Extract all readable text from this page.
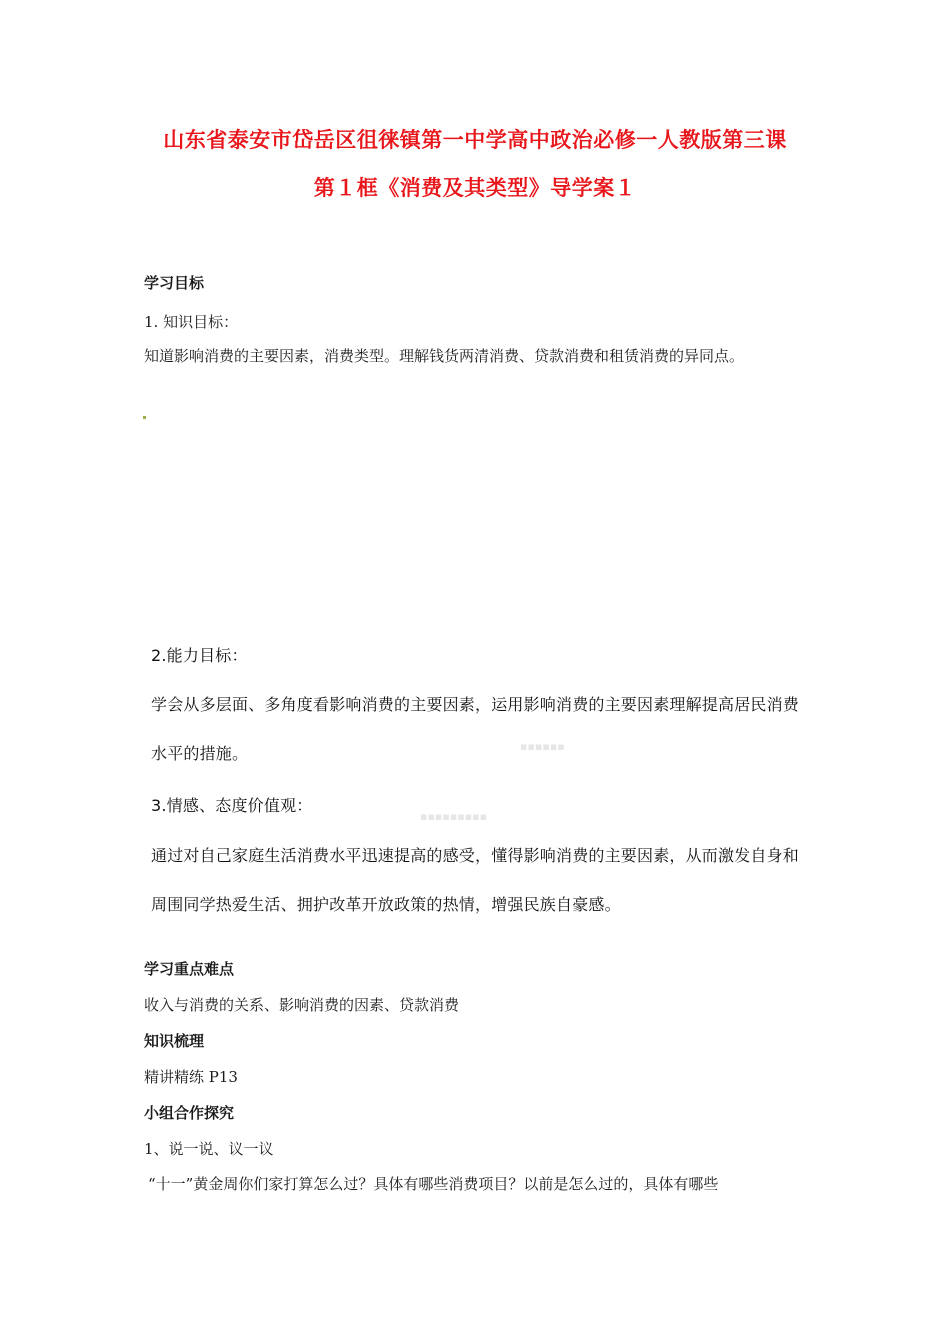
山东省泰安市岱岳区徂徕镇第一中学高中政治必修一人教版第三课
第１框《消费及其类型》导学案１
学习目标
1. 知识目标：
知道影响消费的主要因素，消费类型。理解钱货两清消费、贷款消费和租赁消费的异同点。
▪▪▪▪▪▪
▪▪▪▪▪▪▪▪▪
2.能力目标：
学会从多层面、多角度看影响消费的主要因素，运用影响消费的主要因素理解提高居民消费
水平的措施。
3.情感、态度价值观：
通过对自己家庭生活消费水平迅速提高的感受，懂得影响消费的主要因素，从而激发自身和
周围同学热爱生活、拥护改革开放政策的热情，增强民族自豪感。
学习重点难点
收入与消费的关系、影响消费的因素、贷款消费
知识梳理
精讲精练 P13
小组合作探究
1、说一说、议一议
“十一”黄金周你们家打算怎么过？具体有哪些消费项目？以前是怎么过的，具体有哪些
